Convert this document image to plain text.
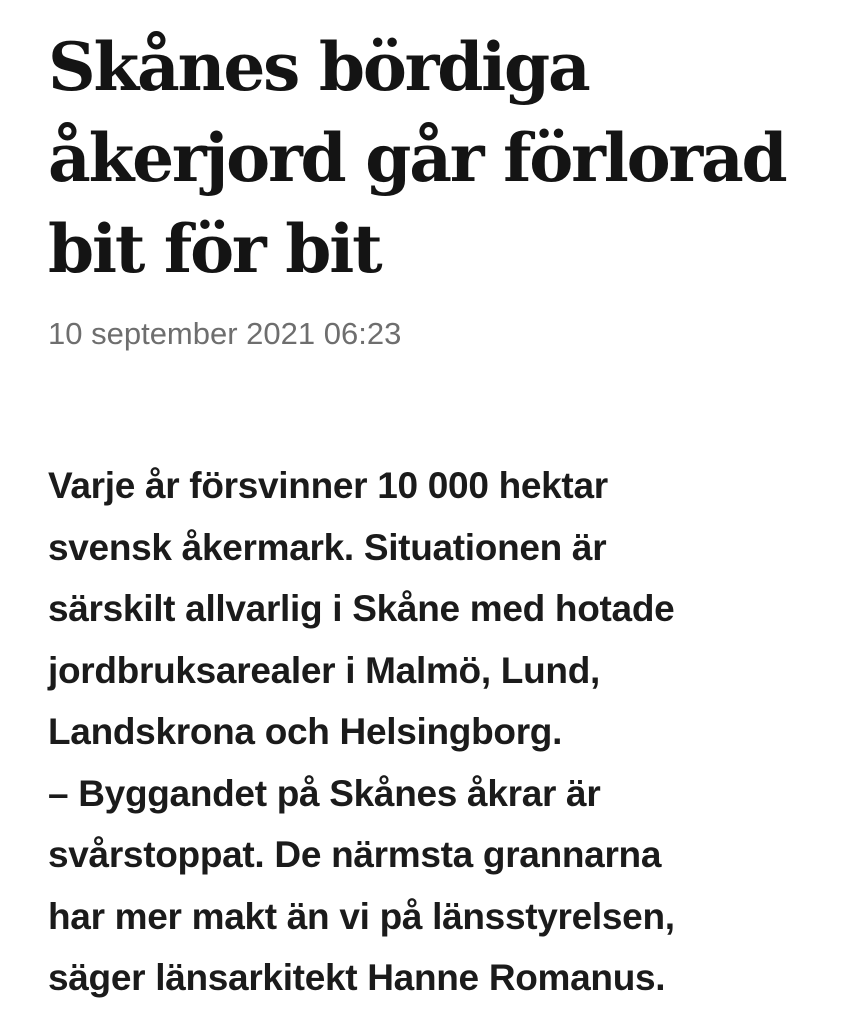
Skånes bördiga
åkerjord går förlorad
bit för bit
10 september 2021 06:23

Varje år försvinner 10 000 hektar
svensk åkermark. Situationen är
särskilt allvarlig i Skåne med hotade
jordbruksarealer i Malmö, Lund,
Landskrona och Helsingborg.
– Byggandet på Skånes åkrar är
svårstoppat. De närmsta grannarna
har mer makt än vi på länsstyrelsen,
säger länsarkitekt Hanne Romanus.
